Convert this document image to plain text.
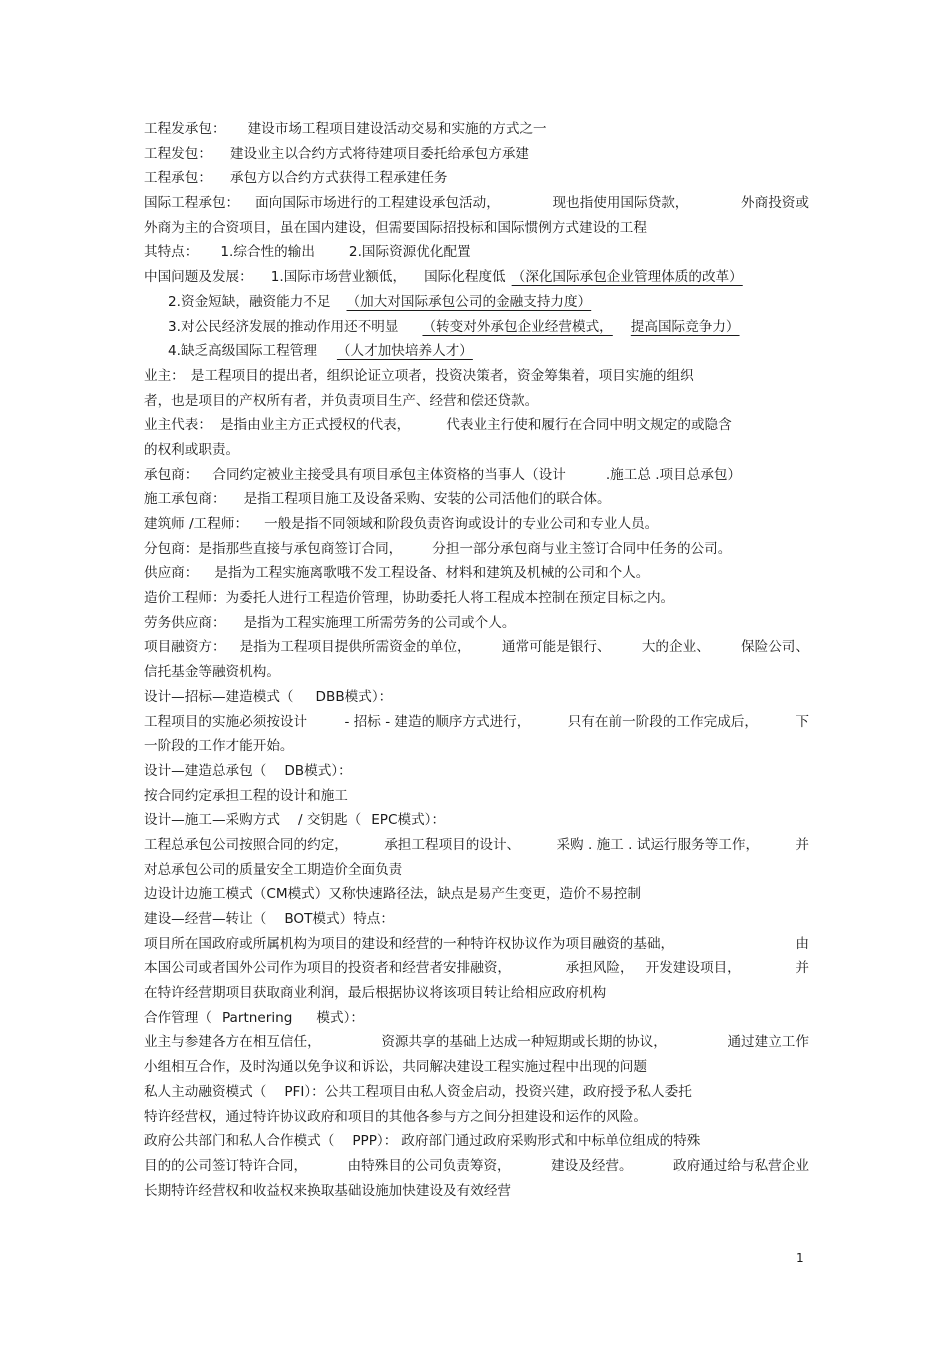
工程发承包： 建设市场工程项目建设活动交易和实施的方式之一
工程发包： 建设业主以合约方式将待建项目委托给承包方承建
工程承包： 承包方以合约方式获得工程承建任务
国际工程承包： 面向国际市场进行的工程建设承包活动，	现也指使用国际贷款，	外商投资或
外商为主的合资项目，虽在国内建设，但需要国际招投标和国际惯例方式建设的工程
其特点： 1.综合性的输出	2.国际资源优化配置
中国问题及发展： 1.国际市场营业额低， 国际化程度低 （深化国际承包企业管理体质的改革）
2.资金短缺，融资能力不足 （加大对国际承包公司的金融支持力度）
3.对公民经济发展的推动作用还不明显 （转变对外承包企业经营模式， 提高国际竞争力）
4.缺乏高级国际工程管理 （人才加快培养人才）
业主： 是工程项目的提出者，组织论证立项者，投资决策者，资金筹集着，项目实施的组织
者，也是项目的产权所有者，并负责项目生产、经营和偿还贷款。
业主代表： 是指由业主方正式授权的代表，	代表业主行使和履行在合同中明文规定的或隐含
的权利或职责。
承包商： 合同约定被业主接受具有项目承包主体资格的当事人（设计	.施工总 .项目总承包）
施工承包商： 是指工程项目施工及设备采购、安装的公司活他们的联合体。
建筑师 /工程师： 一般是指不同领域和阶段负责咨询或设计的专业公司和专业人员。
分包商：是指那些直接与承包商签订合同， 分担一部分承包商与业主签订合同中任务的公司。
供应商： 是指为工程实施离歌哦不发工程设备、材料和建筑及机械的公司和个人。
造价工程师：为委托人进行工程造价管理，协助委托人将工程成本控制在预定目标之内。
劳务供应商： 是指为工程实施理工所需劳务的公司或个人。
项目融资方： 是指为工程项目提供所需资金的单位， 通常可能是银行、 大的企业、 保险公司、
信托基金等融资机构。
设计—招标—建造模式（ DBB模式）：
工程项目的实施必须按设计	- 招标 - 建造的顺序方式进行，	只有在前一阶段的工作完成后，	下
一阶段的工作才能开始。
设计—建造总承包（ DB模式）：
按合同约定承担工程的设计和施工
设计—施工—采购方式 / 交钥匙（ EPC模式）：
工程总承包公司按照合同的约定，	承担工程项目的设计、	采购 . 施工 . 试运行服务等工作，	并
对总承包公司的质量安全工期造价全面负责
边设计边施工模式（CM模式）又称快速路径法，缺点是易产生变更，造价不易控制
建设—经营—转让（ BOT模式）特点：
项目所在国政府或所属机构为项目的建设和经营的一种特许权协议作为项目融资的基础，	由
本国公司或者国外公司作为项目的投资者和经营者安排融资，	承担风险， 开发建设项目，	并
在特许经营期项目获取商业利润，最后根据协议将该项目转让给相应政府机构
合作管理（ Partnering 模式）：
业主与参建各方在相互信任，	资源共享的基础上达成一种短期或长期的协议，	通过建立工作
小组相互合作，及时沟通以免争议和诉讼，共同解决建设工程实施过程中出现的问题
私人主动融资模式（ PFI）：公共工程项目由私人资金启动，投资兴建，政府授予私人委托
特许经营权，通过特许协议政府和项目的其他各参与方之间分担建设和运作的风险。
政府公共部门和私人合作模式（ PPP）： 政府部门通过政府采购形式和中标单位组成的特殊
目的的公司签订特许合同，	由特殊目的公司负责筹资，	建设及经营。	政府通过给与私营企业
长期特许经营权和收益权来换取基础设施加快建设及有效经营
1
